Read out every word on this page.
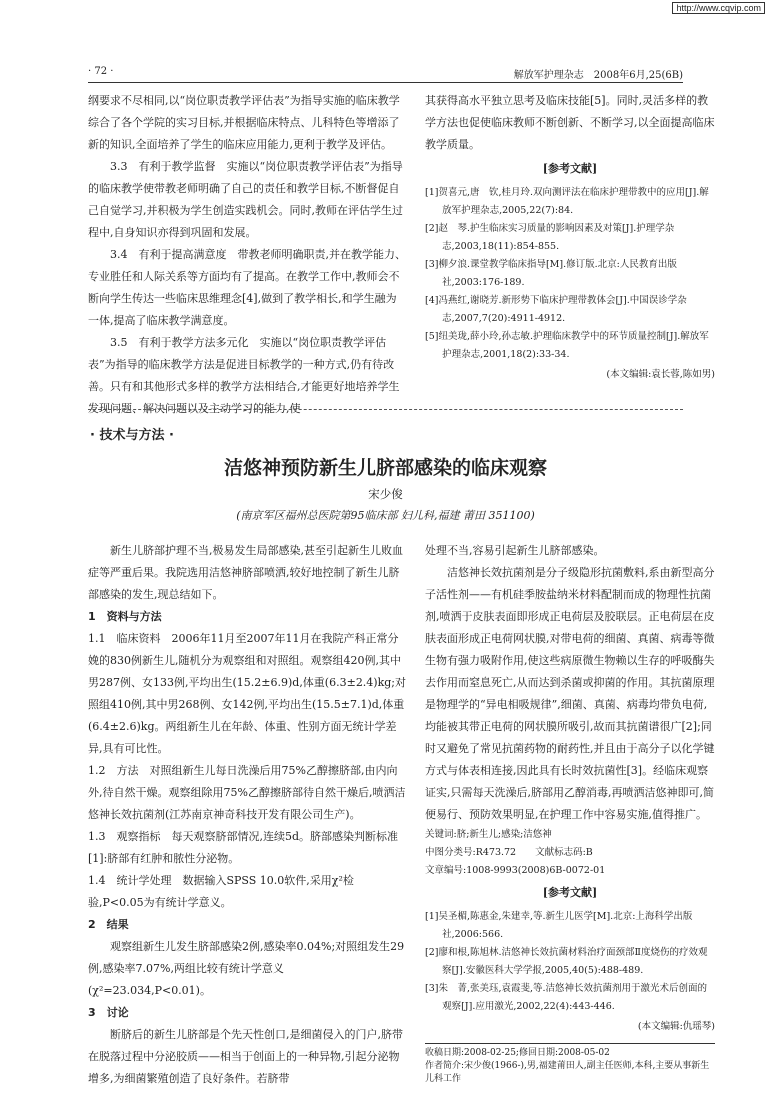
http://www.cqvip.com
· 72 ·	解放军护理杂志　2008年6月,25(6B)

纲要求不尽相同,以“岗位职责教学评估表”为指导实施的临床教学综合了各个学院的实习目标,并根据临床特点、儿科特色等增添了新的知识,全面培养了学生的临床应用能力,更利于教学及评估。

3.3　有利于教学监督　实施以“岗位职责教学评估表”为指导的临床教学使带教老师明确了自己的责任和教学目标,不断督促自己自觉学习,并积极为学生创造实践机会。同时,教师在评估学生过程中,自身知识亦得到巩固和发展。

3.4　有利于提高满意度　带教老师明确职责,并在教学能力、专业胜任和人际关系等方面均有了提高。在教学工作中,教师会不断向学生传达一些临床思维理念[4],做到了教学相长,和学生融为一体,提高了临床教学满意度。

3.5　有利于教学方法多元化　实施以“岗位职责教学评估表”为指导的临床教学方法是促进目标教学的一种方式,仍有待改善。只有和其他形式多样的教学方法相结合,才能更好地培养学生发现问题、解决问题以及主动学习的能力,使

其获得高水平独立思考及临床技能[5]。同时,灵活多样的教学方法也促使临床教师不断创新、不断学习,以全面提高临床教学质量。

[参考文献]
[1]贺喜元,唐　钦,桂月玲.双向测评法在临床护理带教中的应用[J].解放军护理杂志,2005,22(7):84.
[2]赵　琴.护生临床实习质量的影响因素及对策[J].护理学杂志,2003,18(11):854-855.
[3]柳夕浪.课堂教学临床指导[M].修订版.北京:人民教育出版社,2003:176-189.
[4]冯燕红,谢晓芳.新形势下临床护理带教体会[J].中国误诊学杂志,2007,7(20):4911-4912.
[5]纽美珑,薛小玲,孙志敏.护理临床教学中的环节质量控制[J].解放军护理杂志,2001,18(2):33-34.
(本文编辑:袁长蓉,陈如男)
· 技术与方法 ·
洁悠神预防新生儿脐部感染的临床观察
宋少俊
(南京军区福州总医院第95临床部 妇儿科,福建 莆田 351100)

新生儿脐部护理不当,极易发生局部感染,甚至引起新生儿败血症等严重后果。我院选用洁悠神脐部喷洒,较好地控制了新生儿脐部感染的发生,现总结如下。

1　资料与方法

1.1　临床资料　2006年11月至2007年11月在我院产科正常分娩的830例新生儿,随机分为观察组和对照组。观察组420例,其中男287例、女133例,平均出生(15.2±6.9)d,体重(6.3±2.4)kg;对照组410例,其中男268例、女142例,平均出生(15.5±7.1)d,体重(6.4±2.6)kg。两组新生儿在年龄、体重、性别方面无统计学差异,具有可比性。

1.2　方法　对照组新生儿每日洗澡后用75%乙醇擦脐部,由内向外,待自然干燥。观察组除用75%乙醇擦脐部待自然干燥后,喷洒洁悠神长效抗菌剂(江苏南京神奇科技开发有限公司生产)。

1.3　观察指标　每天观察脐部情况,连续5d。脐部感染判断标准[1]:脐部有红肿和脓性分泌物。

1.4　统计学处理　数据输入SPSS 10.0软件,采用χ²检验,P<0.05为有统计学意义。

2　结果

观察组新生儿发生脐部感染2例,感染率0.04%;对照组发生29例,感染率7.07%,两组比较有统计学意义(χ²=23.034,P<0.01)。

3　讨论

断脐后的新生儿脐部是个先天性创口,是细菌侵入的门户,脐带在脱落过程中分泌胶质——相当于创面上的一种异物,引起分泌物增多,为细菌繁殖创造了良好条件。若脐带

处理不当,容易引起新生儿脐部感染。

洁悠神长效抗菌剂是分子级隐形抗菌敷料,系由新型高分子活性剂——有机硅季胺盐纳米材料配制而成的物理性抗菌剂,喷洒于皮肤表面即形成正电荷层及胶联层。正电荷层在皮肤表面形成正电荷网状膜,对带电荷的细菌、真菌、病毒等微生物有强力吸附作用,使这些病原微生物赖以生存的呼吸酶失去作用而窒息死亡,从而达到杀菌或抑菌的作用。其抗菌原理是物理学的“异电相吸规律”,细菌、真菌、病毒均带负电荷,均能被其带正电荷的网状膜所吸引,故而其抗菌谱很广[2];同时又避免了常见抗菌药物的耐药性,并且由于高分子以化学键方式与体表相连接,因此具有长时效抗菌性[3]。经临床观察证实,只需每天洗澡后,脐部用乙醇消毒,再喷洒洁悠神即可,简便易行、预防效果明显,在护理工作中容易实施,值得推广。

关键词:脐;新生儿;感染;洁悠神
中图分类号:R473.72　　文献标志码:B
文章编号:1008-9993(2008)6B-0072-01
[参考文献]
[1]吴圣楣,陈惠金,朱建幸,等.新生儿医学[M].北京:上海科学出版社,2006:566.
[2]廖和根,陈旭林.洁悠神长效抗菌材料治疗面颈部Ⅱ度烧伤的疗效观察[J].安徽医科大学学报,2005,40(5):488-489.
[3]朱　菁,张美珏,袁霞斐,等.洁悠神长效抗菌剂用于激光术后创面的观察[J].应用激光,2002,22(4):443-446.
(本文编辑:仇瑶琴)
收稿日期:2008-02-25;修回日期:2008-05-02
作者简介:宋少俊(1966-),男,福建莆田人,副主任医师,本科,主要从事新生儿科工作
